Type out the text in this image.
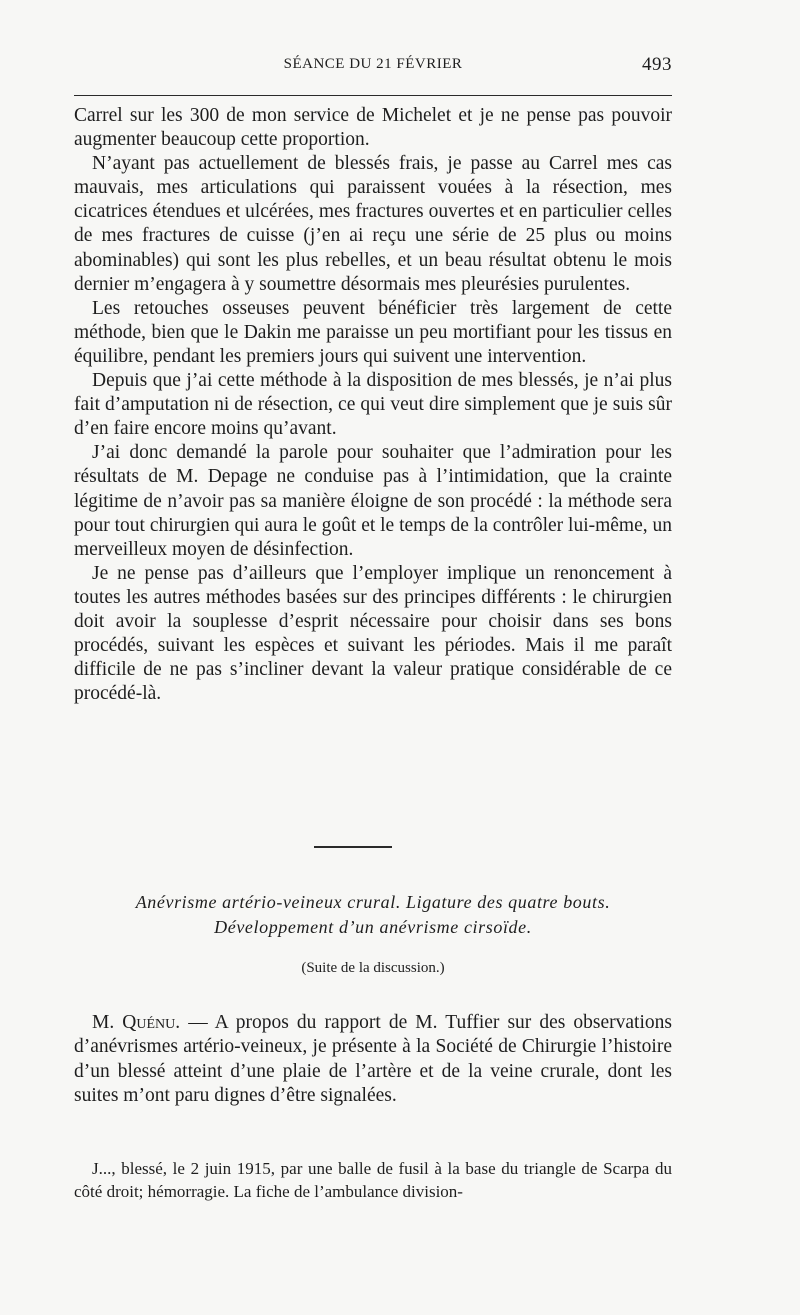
SÉANCE DU 21 FÉVRIER	493

Carrel sur les 300 de mon service de Michelet et je ne pense pas pouvoir augmenter beaucoup cette proportion.

N’ayant pas actuellement de blessés frais, je passe au Carrel mes cas mauvais, mes articulations qui paraissent vouées à la résection, mes cicatrices étendues et ulcérées, mes fractures ouvertes et en particulier celles de mes fractures de cuisse (j’en ai reçu une série de 25 plus ou moins abominables) qui sont les plus rebelles, et un beau résultat obtenu le mois dernier m’engagera à y soumettre désormais mes pleurésies purulentes.

Les retouches osseuses peuvent bénéficier très largement de cette méthode, bien que le Dakin me paraisse un peu mortifiant pour les tissus en équilibre, pendant les premiers jours qui suivent une intervention.

Depuis que j’ai cette méthode à la disposition de mes blessés, je n’ai plus fait d’amputation ni de résection, ce qui veut dire simplement que je suis sûr d’en faire encore moins qu’avant.

J’ai donc demandé la parole pour souhaiter que l’admiration pour les résultats de M. Depage ne conduise pas à l’intimidation, que la crainte légitime de n’avoir pas sa manière éloigne de son procédé : la méthode sera pour tout chirurgien qui aura le goût et le temps de la contrôler lui-même, un merveilleux moyen de désinfection.

Je ne pense pas d’ailleurs que l’employer implique un renoncement à toutes les autres méthodes basées sur des principes différents : le chirurgien doit avoir la souplesse d’esprit nécessaire pour choisir dans ses bons procédés, suivant les espèces et suivant les périodes. Mais il me paraît difficile de ne pas s’incliner devant la valeur pratique considérable de ce procédé-là.

Anévrisme artério-veineux crural. Ligature des quatre bouts.
Développement d’un anévrisme cirsoïde.
(Suite de la discussion.)

M. Quénu. — A propos du rapport de M. Tuffier sur des observations d’anévrismes artério-veineux, je présente à la Société de Chirurgie l’histoire d’un blessé atteint d’une plaie de l’artère et de la veine crurale, dont les suites m’ont paru dignes d’être signalées.

J..., blessé, le 2 juin 1915, par une balle de fusil à la base du triangle de Scarpa du côté droit; hémorragie. La fiche de l’ambulance division-
